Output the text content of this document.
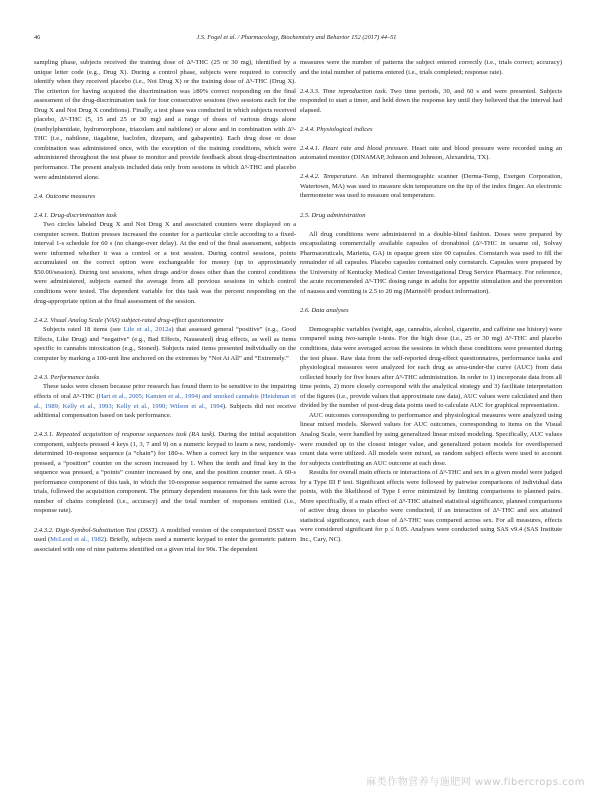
46	J.S. Fogel et al. / Pharmacology, Biochemistry and Behavior 152 (2017) 44–51

sampling phase, subjects received the training dose of Δ⁹-THC (25 or 30 mg), identified by a unique letter code (e.g., Drug X). During a control phase, subjects were required to correctly identify when they received placebo (i.e., Not Drug X) or the training dose of Δ⁹-THC (Drug X). The criterion for having acquired the discrimination was ≥80% correct responding on the final assessment of the drug-discrimination task for four consecutive sessions (two sessions each for the Drug X and Not Drug X conditions). Finally, a test phase was conducted in which subjects received placebo, Δ⁹-THC (5, 15 and 25 or 30 mg) and a range of doses of various drugs alone (methylphenidate, hydromorphone, triazolam and nabilone) or alone and in combination with Δ⁹-THC (i.e., nabilone, tiagabine, baclofen, dizepam, and gabapentin). Each drug dose or dose combination was administered once, with the exception of the training conditions, which were administered throughout the test phase to monitor and provide feedback about drug-discrimination performance. The present analysis included data only from sessions in which Δ⁹-THC and placebo were administered alone.

2.4. Outcome measures

2.4.1. Drug-discrimination task

Two circles labeled Drug X and Not Drug X and associated counters were displayed on a computer screen. Button presses increased the counter for a particular circle according to a fixed-interval 1-s schedule for 60 s (no change-over delay). At the end of the final assessment, subjects were informed whether it was a control or a test session. During control sessions, points accumulated on the correct option were exchangeable for money (up to approximately $50.00/session). During test sessions, when drugs and/or doses other than the control conditions were administered, subjects earned the average from all previous sessions in which control conditions were tested. The dependent variable for this task was the percent responding on the drug-appropriate option at the final assessment of the session.

2.4.2. Visual Analog Scale (VAS) subject-rated drug-effect questionnaire

Subjects rated 18 items (see Lile et al., 2012a) that assessed general “positive” (e.g., Good Effects, Like Drug) and “negative” (e.g., Bad Effects, Nauseated) drug effects, as well as items specific to cannabis intoxication (e.g., Stoned). Subjects rated items presented individually on the computer by marking a 100-unit line anchored on the extremes by “Not At All” and “Extremely.”

2.4.3. Performance tasks

These tasks were chosen because prior research has found them to be sensitive to the impairing effects of oral Δ⁹-THC (Hart et al., 2005; Kamien et al., 1994) and smoked cannabis (Heishman et al., 1989; Kelly et al., 1993; Kelly et al., 1990; Wilson et al., 1994). Subjects did not receive additional compensation based on task performance.

2.4.3.1. Repeated acquisition of response sequences task (RA task). During the initial acquisition component, subjects pressed 4 keys (1, 3, 7 and 9) on a numeric keypad to learn a new, randomly-determined 10-response sequence (a “chain”) for 180-s. When a correct key in the sequence was pressed, a “position” counter on the screen increased by 1. When the tenth and final key in the sequence was pressed, a “points” counter increased by one, and the position counter reset. A 60-s performance component of this task, in which the 10-response sequence remained the same across trials, followed the acquisition component. The primary dependent measures for this task were the number of chains completed (i.e., accuracy) and the total number of responses emitted (i.e., response rate).

2.4.3.2. Digit-Symbol-Substitution Test (DSST). A modified version of the computerized DSST was used (McLeod et al., 1982). Briefly, subjects used a numeric keypad to enter the geometric pattern associated with one of nine patterns identified on a given trial for 90s. The dependent

measures were the number of patterns the subject entered correctly (i.e., trials correct; accuracy) and the total number of patterns entered (i.e., trials completed; response rate).

2.4.3.3. Time reproduction task. Two time periods, 30, and 60 s and were presented. Subjects responded to start a timer, and held down the response key until they believed that the interval had elapsed.

2.4.4. Physiological indices

2.4.4.1. Heart rate and blood pressure. Heart rate and blood pressure were recorded using an automated monitor (DINAMAP, Johnson and Johnson, Alexandria, TX).

2.4.4.2. Temperature. An infrared thermographic scanner (Derma-Temp, Exergen Corporation, Watertown, MA) was used to measure skin temperature on the tip of the index finger. An electronic thermometer was used to measure oral temperature.

2.5. Drug administration

All drug conditions were administered in a double-blind fashion. Doses were prepared by encapsulating commercially available capsules of dronabinol (Δ⁹-THC in sesame oil, Solvay Pharmaceuticals, Marietta, GA) in opaque green size 00 capsules. Cornstarch was used to fill the remainder of all capsules. Placebo capsules contained only cornstarch. Capsules were prepared by the University of Kentucky Medical Center Investigational Drug Service Pharmacy. For reference, the acute recommended Δ⁹-THC dosing range in adults for appetite stimulation and the prevention of nausea and vomiting is 2.5 to 20 mg (Marinol® product information).

2.6. Data analyses

Demographic variables (weight, age, cannabis, alcohol, cigarette, and caffeine use history) were compared using two-sample t-tests. For the high dose (i.e., 25 or 30 mg) Δ⁹-THC and placebo conditions, data were averaged across the sessions in which these conditions were presented during the test phase. Raw data from the self-reported drug-effect questionnaires, performance tasks and physiological measures were analyzed for each drug as area-under-the curve (AUC) from data collected hourly for five hours after Δ⁹-THC administration. In order to 1) incorporate data from all time points, 2) more closely correspond with the analytical strategy and 3) facilitate interpretation of the figures (i.e., provide values that approximate raw data), AUC values were calculated and then divided by the number of post-drug data points used to calculate AUC for graphical representation.

AUC outcomes corresponding to performance and physiological measures were analyzed using linear mixed models. Skewed values for AUC outcomes, corresponding to items on the Visual Analog Scale, were handled by using generalized linear mixed modeling. Specifically, AUC values were rounded up to the closest integer value, and generalized poison models for overdispersed count data were utilized. All models were mixed, as random subject effects were used to account for subjects contributing an AUC outcome at each dose.

Results for overall main effects or interactions of Δ⁹-THC and sex in a given model were judged by a Type III F test. Significant effects were followed by pairwise comparisons of individual data points, with the likelihood of Type I error minimized by limiting comparisons to planned pairs. More specifically, if a main effect of Δ⁹-THC attained statistical significance, planned comparisons of active drug doses to placebo were conducted; if an interaction of Δ⁹-THC and sex attained statistical significance, each dose of Δ⁹-THC was compared across sex. For all measures, effects were considered significant for p ≤ 0.05. Analyses were conducted using SAS v9.4 (SAS Institute Inc., Cary, NC).

麻类作物营养与施肥网 www.fibercrops.com
